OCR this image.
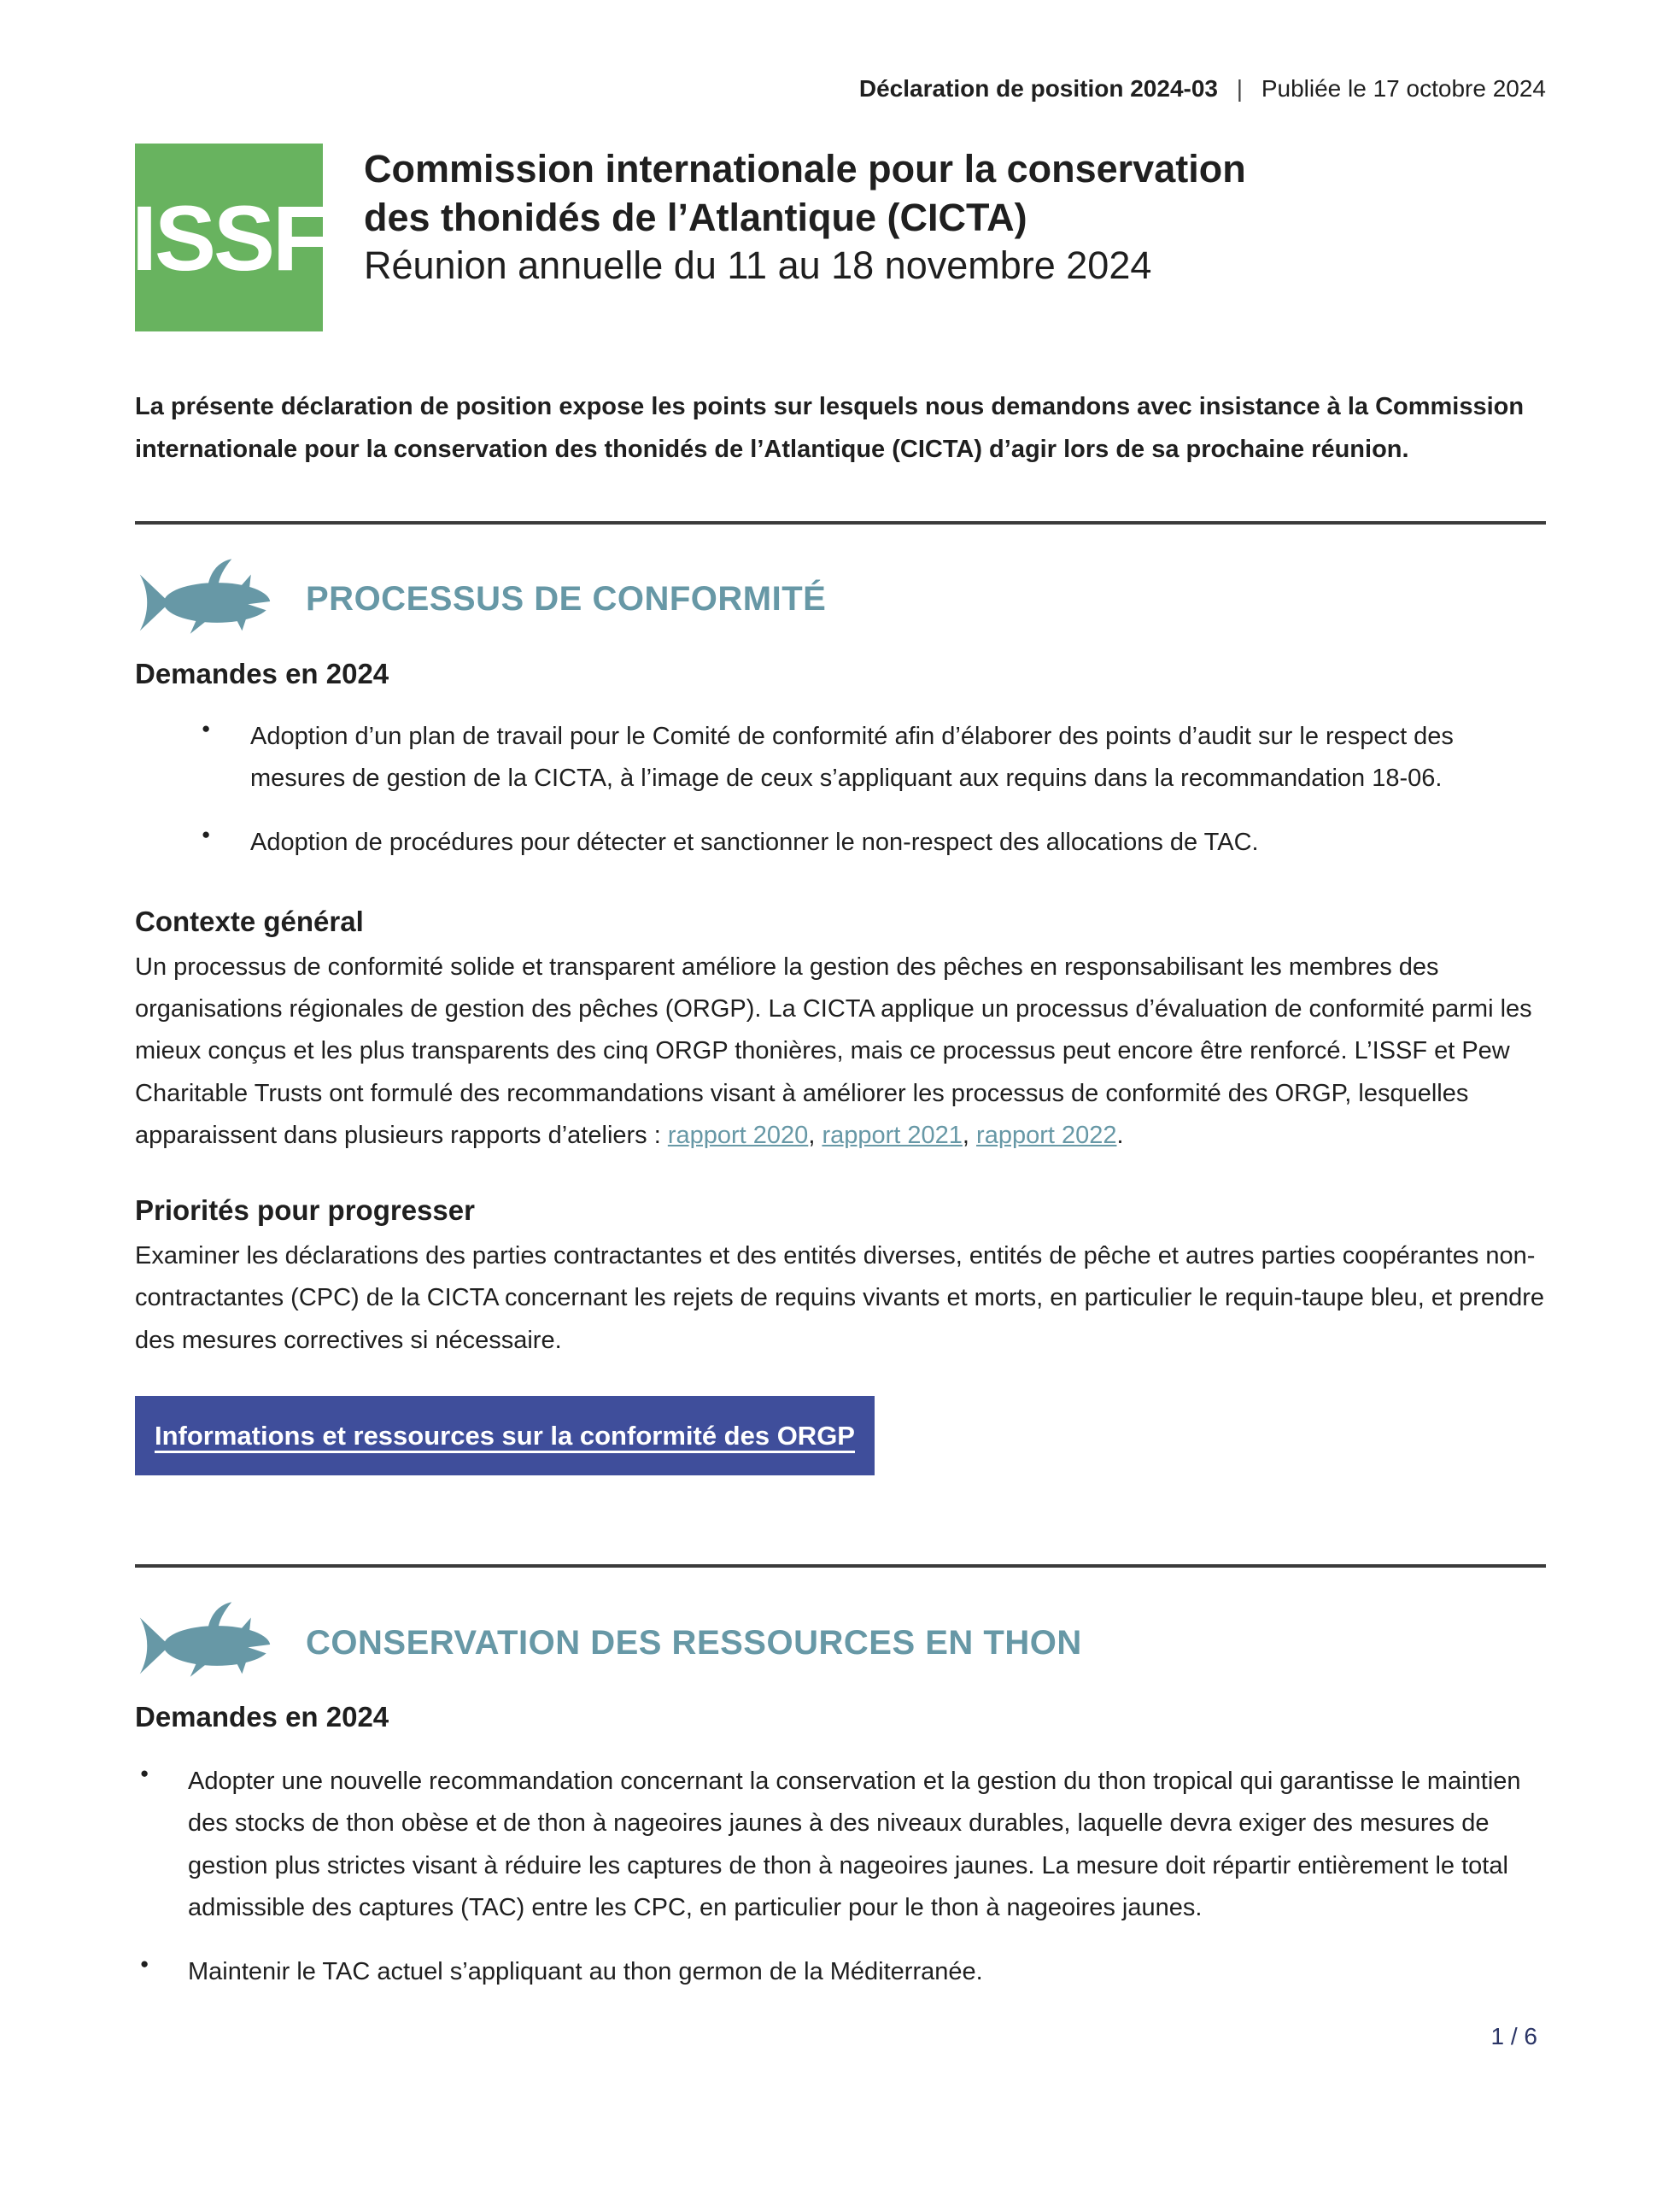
Déclaration de position 2024-03 | Publiée le 17 octobre 2024
ISSF
Commission internationale pour la conservation
des thonidés de l’Atlantique (CICTA)
Réunion annuelle du 11 au 18 novembre 2024

La présente déclaration de position expose les points sur lesquels nous demandons avec insistance à la Commission internationale pour la conservation des thonidés de l’Atlantique (CICTA) d’agir lors de sa prochaine réunion.

PROCESSUS DE CONFORMITÉ
Demandes en 2024
● Adoption d’un plan de travail pour le Comité de conformité afin d’élaborer des points d’audit sur le respect des mesures de gestion de la CICTA, à l’image de ceux s’appliquant aux requins dans la recommandation 18-06.
● Adoption de procédures pour détecter et sanctionner le non-respect des allocations de TAC.
Contexte général

Un processus de conformité solide et transparent améliore la gestion des pêches en responsabilisant les membres des organisations régionales de gestion des pêches (ORGP). La CICTA applique un processus d’évaluation de conformité parmi les mieux conçus et les plus transparents des cinq ORGP thonières, mais ce processus peut encore être renforcé. L’ISSF et Pew Charitable Trusts ont formulé des recommandations visant à améliorer les processus de conformité des ORGP, lesquelles apparaissent dans plusieurs rapports d’ateliers : rapport 2020, rapport 2021, rapport 2022.

Priorités pour progresser

Examiner les déclarations des parties contractantes et des entités diverses, entités de pêche et autres parties coopérantes non-contractantes (CPC) de la CICTA concernant les rejets de requins vivants et morts, en particulier le requin-taupe bleu, et prendre des mesures correctives si nécessaire.

Informations et ressources sur la conformité des ORGP
CONSERVATION DES RESSOURCES EN THON
Demandes en 2024
● Adopter une nouvelle recommandation concernant la conservation et la gestion du thon tropical qui garantisse le maintien des stocks de thon obèse et de thon à nageoires jaunes à des niveaux durables, laquelle devra exiger des mesures de gestion plus strictes visant à réduire les captures de thon à nageoires jaunes. La mesure doit répartir entièrement le total admissible des captures (TAC) entre les CPC, en particulier pour le thon à nageoires jaunes.
● Maintenir le TAC actuel s’appliquant au thon germon de la Méditerranée.
1 / 6
